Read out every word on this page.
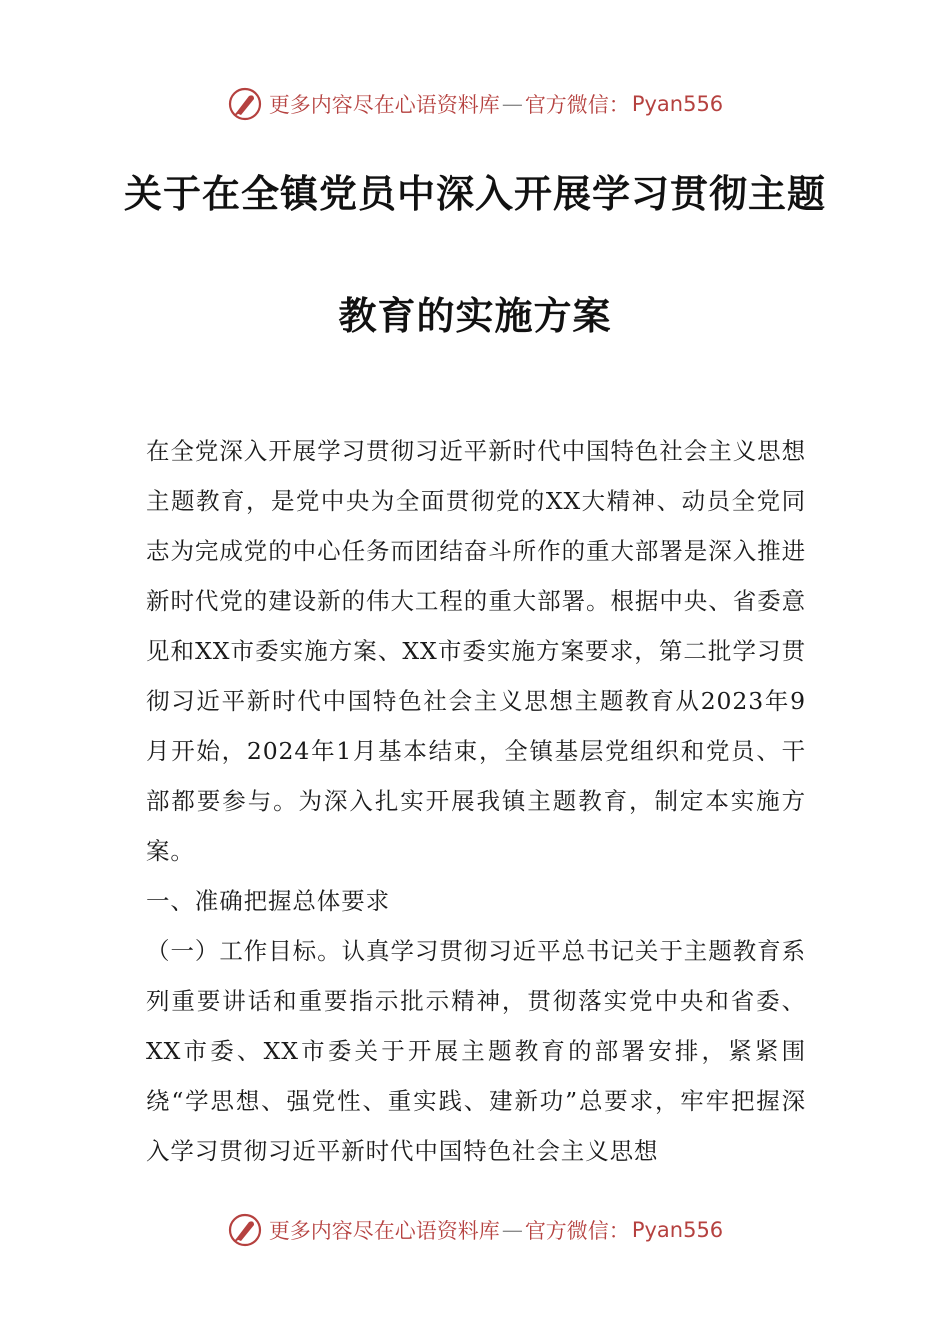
更多内容尽在心语资料库 — 官方微信： Pyan556
关于在全镇党员中深入开展学习贯彻主题
教育的实施方案

在全党深入开展学习贯彻习近平新时代中国特色社会主义思想主题教育，是党中央为全面贯彻党的XX大精神、动员全党同志为完成党的中心任务而团结奋斗所作的重大部署是深入推进新时代党的建设新的伟大工程的重大部署。根据中央、省委意见和XX市委实施方案、XX市委实施方案要求，第二批学习贯彻习近平新时代中国特色社会主义思想主题教育从2023年9月开始，2024年1月基本结束，全镇基层党组织和党员、干部都要参与。为深入扎实开展我镇主题教育，制定本实施方案。

一、准确把握总体要求

（一）工作目标。认真学习贯彻习近平总书记关于主题教育系列重要讲话和重要指示批示精神，贯彻落实党中央和省委、XX市委、XX市委关于开展主题教育的部署安排，紧紧围绕“学思想、强党性、重实践、建新功”总要求，牢牢把握深入学习贯彻习近平新时代中国特色社会主义思想

更多内容尽在心语资料库 — 官方微信： Pyan556
